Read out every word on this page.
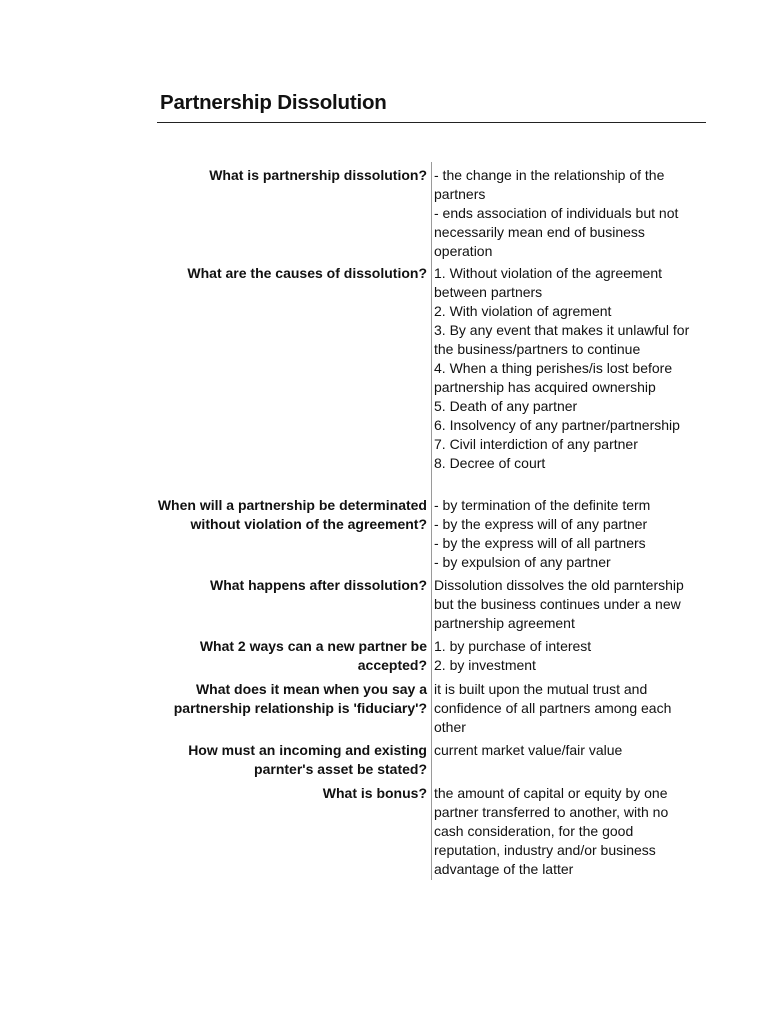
Partnership Dissolution
What is partnership dissolution? - the change in the relationship of the
partners
- ends association of individuals but not
necessarily mean end of business
operation
What are the causes of dissolution? 1. Without violation of the agreement
between partners
2. With violation of agrement
3. By any event that makes it unlawful for
the business/partners to continue
4. When a thing perishes/is lost before
partnership has acquired ownership
5. Death of any partner
6. Insolvency of any partner/partnership
7. Civil interdiction of any partner
8. Decree of court
When will a partnership be determinated without violation of the agreement?
- by termination of the definite term
- by the express will of any partner
- by the express will of all partners
- by expulsion of any partner
What happens after dissolution? Dissolution dissolves the old parntership
but the business continues under a new
partnership agreement
What 2 ways can a new partner be accepted?
1. by purchase of interest
2. by investment
What does it mean when you say a partnership relationship is 'fiduciary'?
it is built upon the mutual trust and
confidence of all partners among each
other
How must an incoming and existing parnter's asset be stated?
current market value/fair value
What is bonus? the amount of capital or equity by one
partner transferred to another, with no
cash consideration, for the good
reputation, industry and/or business
advantage of the latter
